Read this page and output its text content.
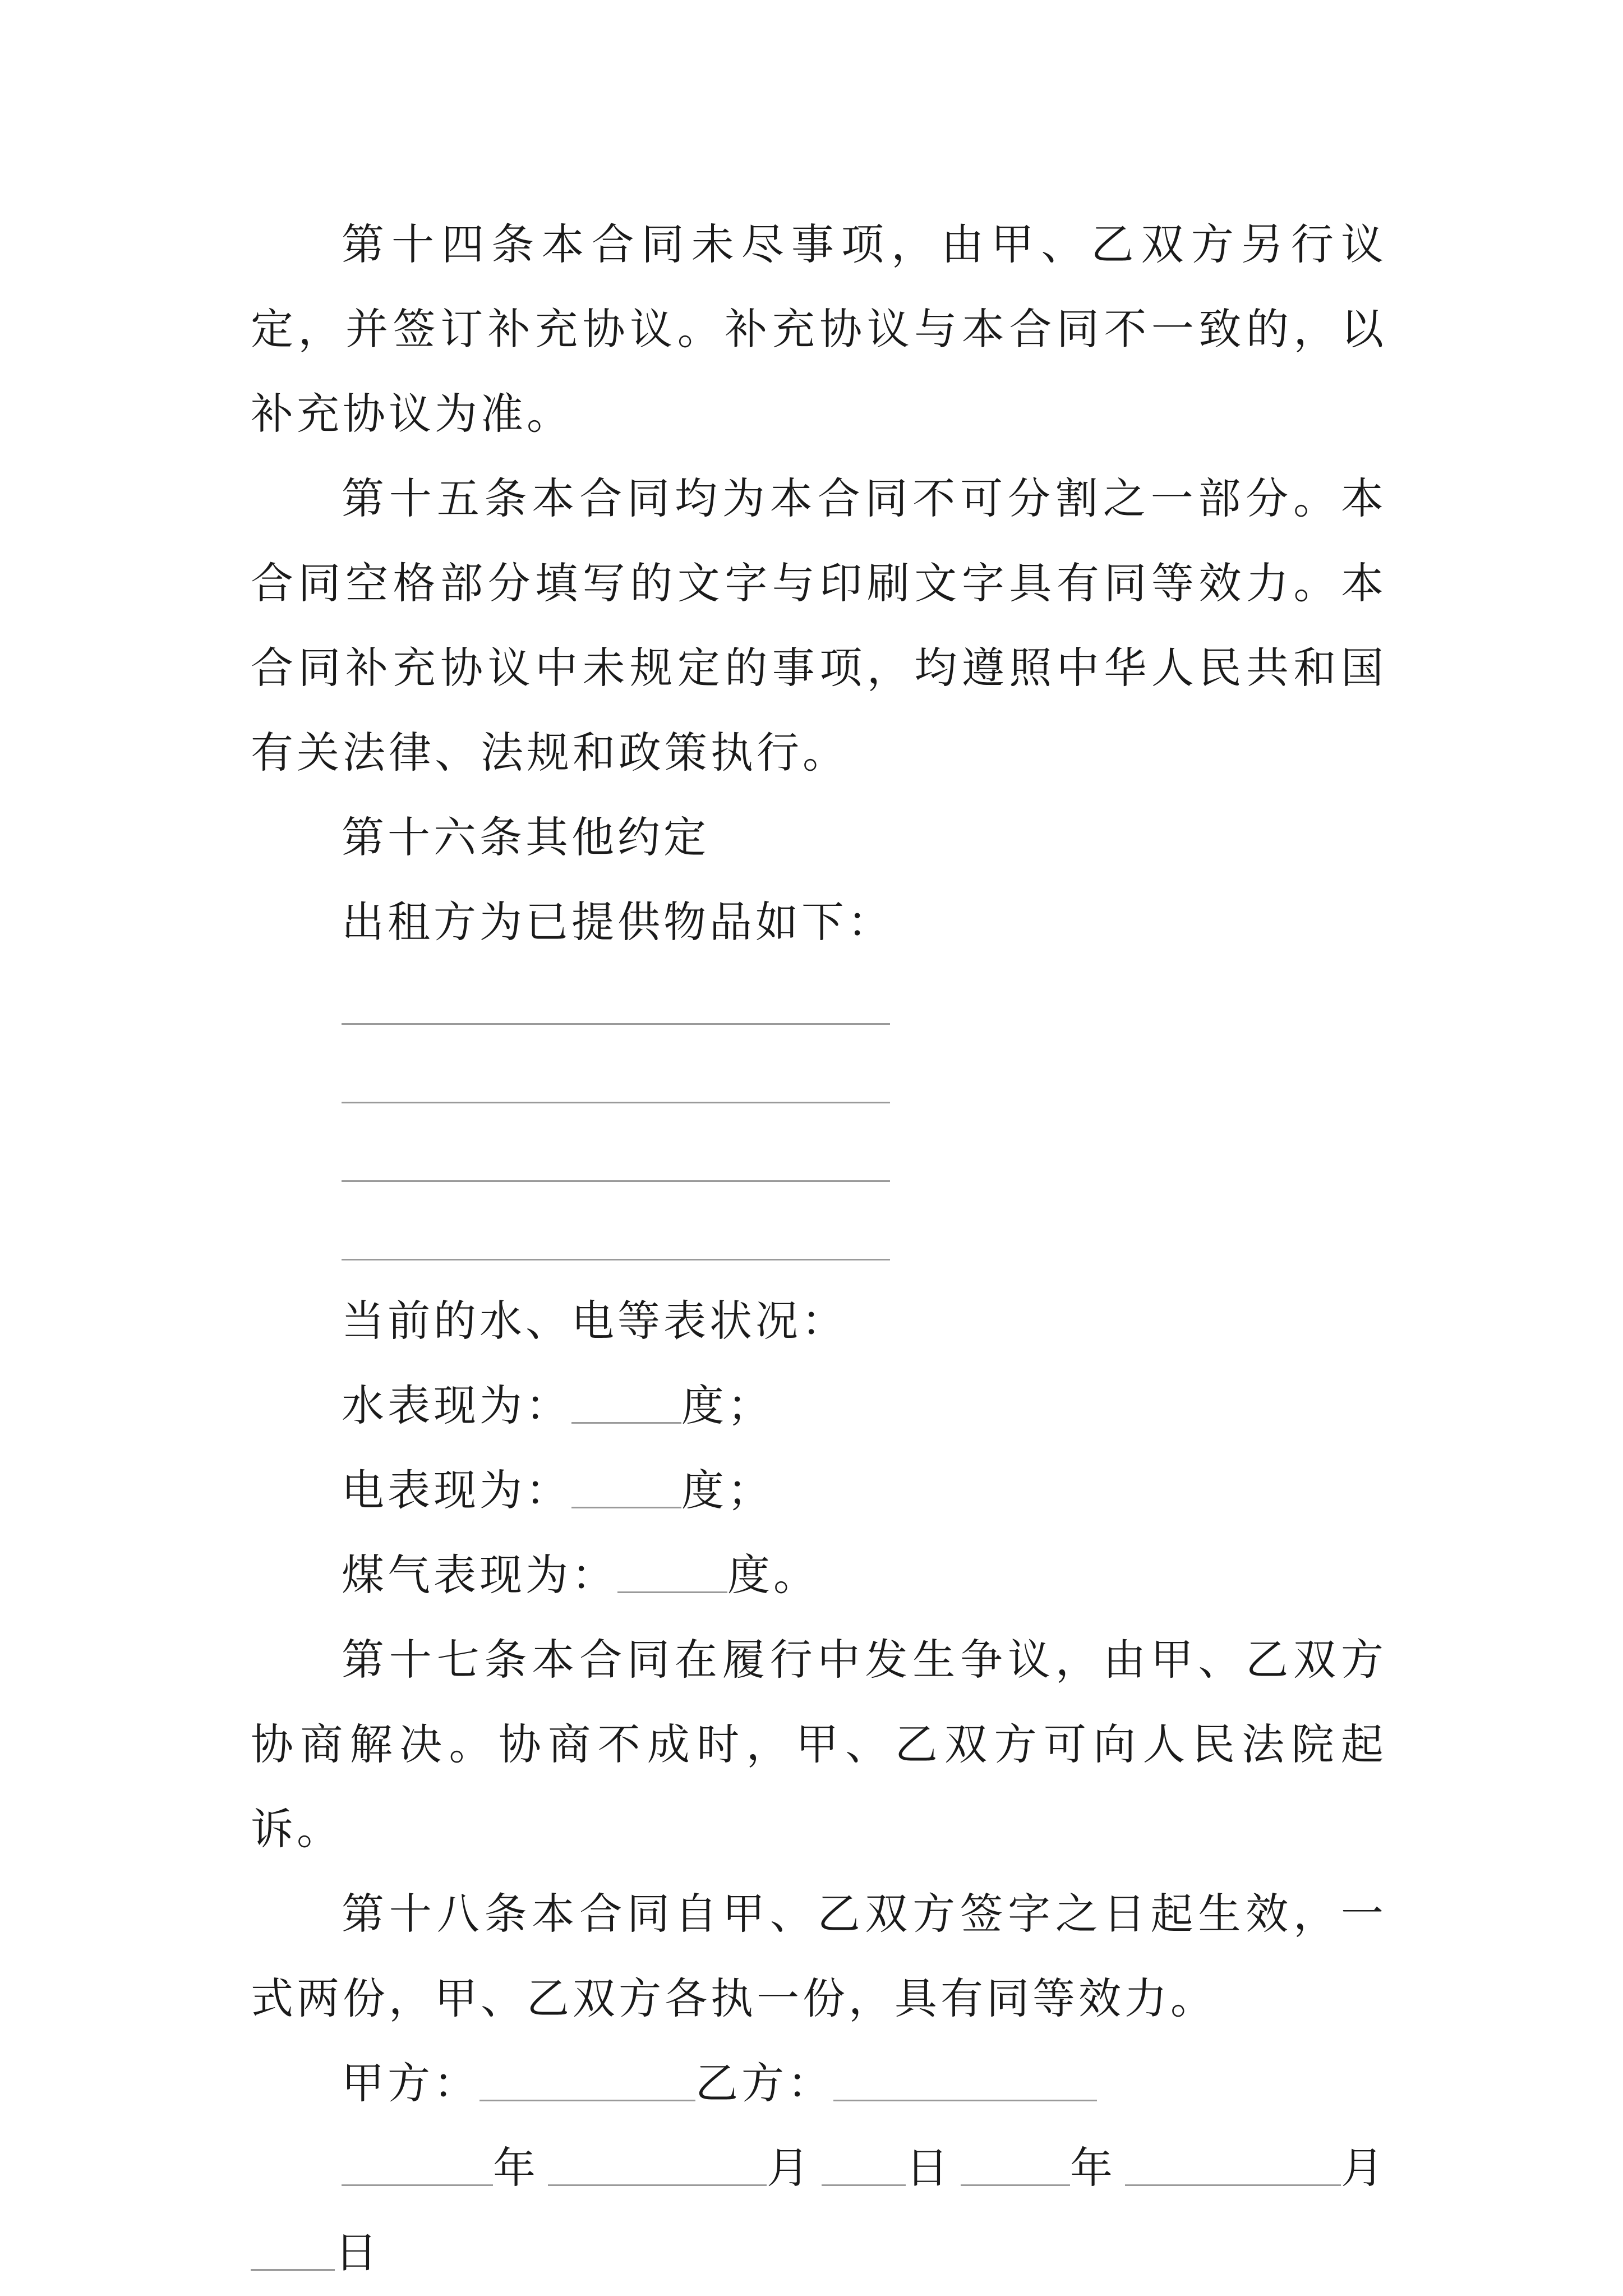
第十四条本合同未尽事项，由甲、乙双方另行议定，并签订补充协议。补充协议与本合同不一致的，以补充协议为准。

第十五条本合同均为本合同不可分割之一部分。本合同空格部分填写的文字与印刷文字具有同等效力。本合同补充协议中未规定的事项，均遵照中华人民共和国有关法律、法规和政策执行。

第十六条其他约定

出租方为已提供物品如下：

当前的水、电等表状况：

水表现为：	度；

电表现为：	度；

煤气表现为：	度。

第十七条本合同在履行中发生争议，由甲、乙双方协商解决。协商不成时，甲、乙双方可向人民法院起诉。

第十八条本合同自甲、乙双方签字之日起生效，一式两份，甲、乙双方各执一份，具有同等效力。

甲方：	乙方：

年	月	日	年	月
日
